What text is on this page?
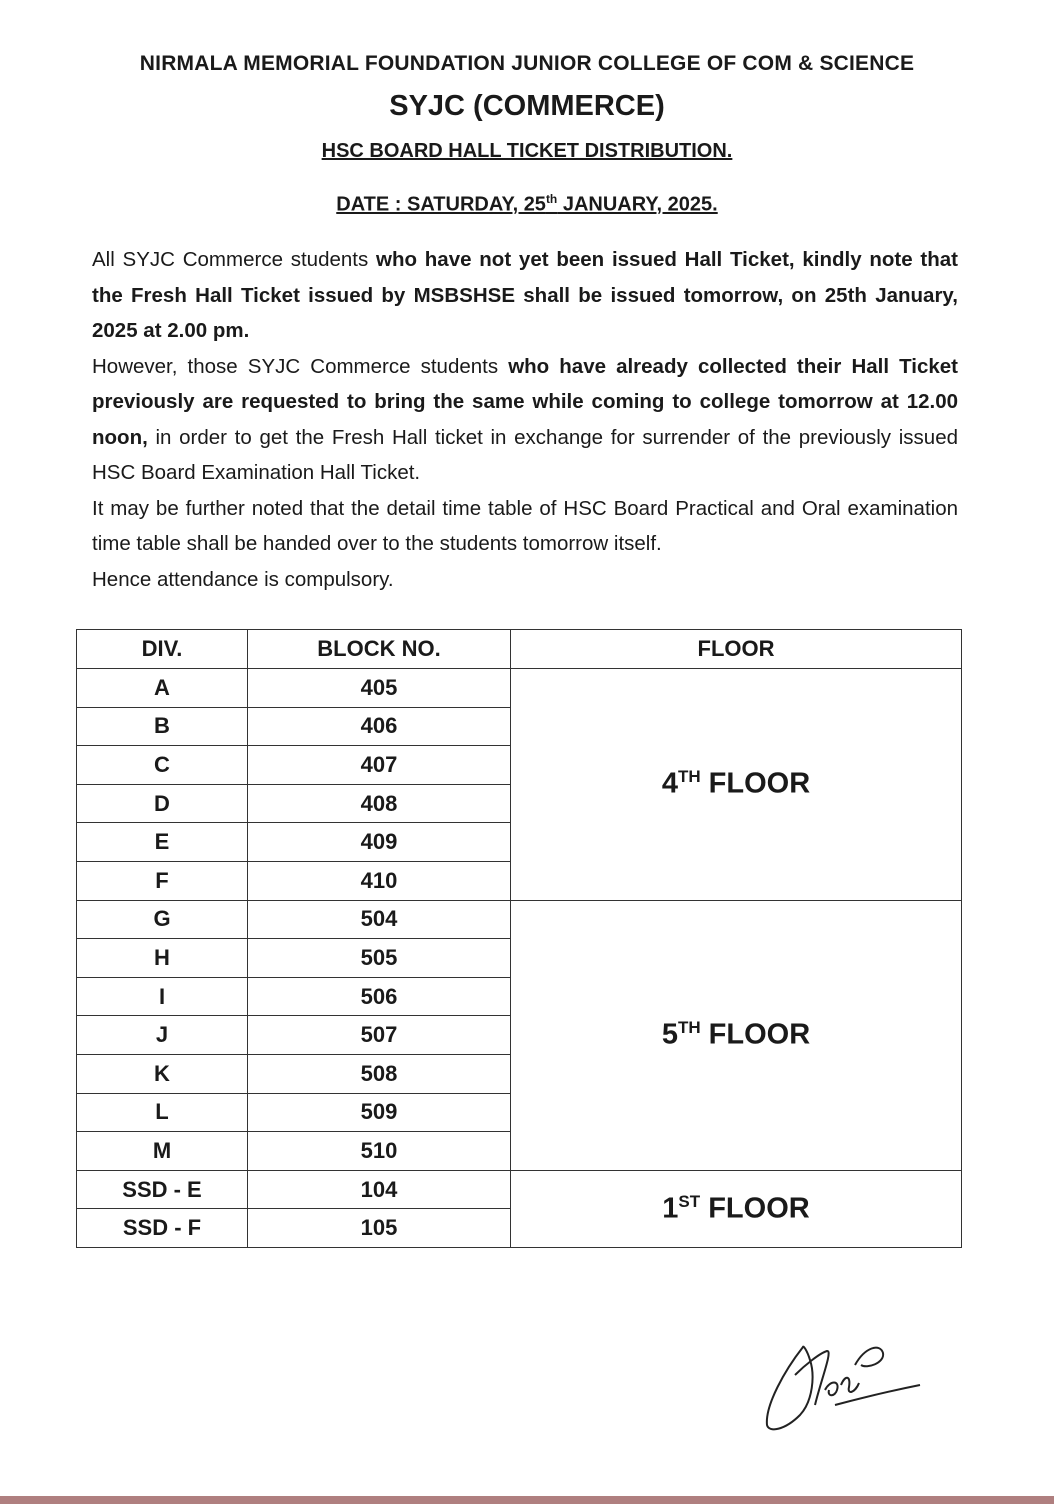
NIRMALA MEMORIAL FOUNDATION JUNIOR COLLEGE OF COM & SCIENCE
SYJC (COMMERCE)
HSC BOARD HALL TICKET DISTRIBUTION.
DATE : SATURDAY, 25th JANUARY, 2025.

All SYJC Commerce students who have not yet been issued Hall Ticket, kindly note that the Fresh Hall Ticket issued by MSBSHSE shall be issued tomorrow, on 25th January, 2025 at 2.00 pm.

However, those SYJC Commerce students who have already collected their Hall Ticket previously are requested to bring the same while coming to college tomorrow at 12.00 noon, in order to get the Fresh Hall ticket in exchange for surrender of the previously issued HSC Board Examination Hall Ticket.

It may be further noted that the detail time table of HSC Board Practical and Oral examination time table shall be handed over to the students tomorrow itself.

Hence attendance is compulsory.

DIV.	BLOCK NO.	FLOOR
A	405	4TH FLOOR
B	406	
C	407	
D	408	
E	409	
F	410	
G	504	5TH FLOOR
H	505	
I	506	
J	507	
K	508	
L	509	
M	510	
SSD - E	104	1ST FLOOR
SSD - F	105	
